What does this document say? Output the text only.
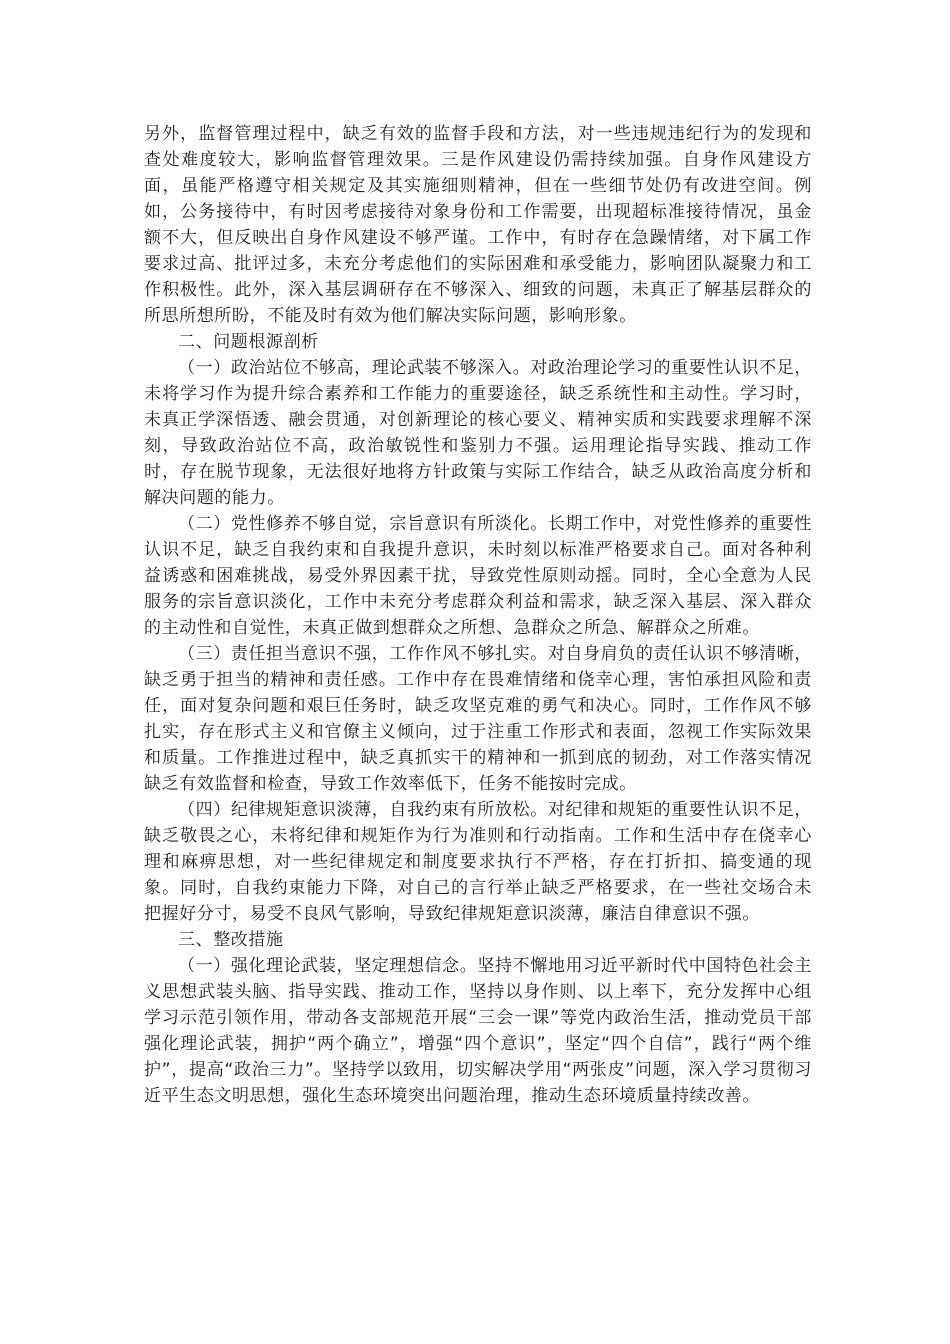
另外，监督管理过程中，缺乏有效的监督手段和方法，对一些违规违纪行为的发现和查处难度较大，影响监督管理效果。三是作风建设仍需持续加强。自身作风建设方面，虽能严格遵守相关规定及其实施细则精神，但在一些细节处仍有改进空间。例如，公务接待中，有时因考虑接待对象身份和工作需要，出现超标准接待情况，虽金额不大，但反映出自身作风建设不够严谨。工作中，有时存在急躁情绪，对下属工作要求过高、批评过多，未充分考虑他们的实际困难和承受能力，影响团队凝聚力和工作积极性。此外，深入基层调研存在不够深入、细致的问题，未真正了解基层群众的所思所想所盼，不能及时有效为他们解决实际问题，影响形象。

二、问题根源剖析

（一）政治站位不够高，理论武装不够深入。对政治理论学习的重要性认识不足，未将学习作为提升综合素养和工作能力的重要途径，缺乏系统性和主动性。学习时，未真正学深悟透、融会贯通，对创新理论的核心要义、精神实质和实践要求理解不深刻，导致政治站位不高，政治敏锐性和鉴别力不强。运用理论指导实践、推动工作时，存在脱节现象，无法很好地将方针政策与实际工作结合，缺乏从政治高度分析和解决问题的能力。

（二）党性修养不够自觉，宗旨意识有所淡化。长期工作中，对党性修养的重要性认识不足，缺乏自我约束和自我提升意识，未时刻以标准严格要求自己。面对各种利益诱惑和困难挑战，易受外界因素干扰，导致党性原则动摇。同时，全心全意为人民服务的宗旨意识淡化，工作中未充分考虑群众利益和需求，缺乏深入基层、深入群众的主动性和自觉性，未真正做到想群众之所想、急群众之所急、解群众之所难。

（三）责任担当意识不强，工作作风不够扎实。对自身肩负的责任认识不够清晰，缺乏勇于担当的精神和责任感。工作中存在畏难情绪和侥幸心理，害怕承担风险和责任，面对复杂问题和艰巨任务时，缺乏攻坚克难的勇气和决心。同时，工作作风不够扎实，存在形式主义和官僚主义倾向，过于注重工作形式和表面，忽视工作实际效果和质量。工作推进过程中，缺乏真抓实干的精神和一抓到底的韧劲，对工作落实情况缺乏有效监督和检查，导致工作效率低下，任务不能按时完成。

（四）纪律规矩意识淡薄，自我约束有所放松。对纪律和规矩的重要性认识不足，缺乏敬畏之心，未将纪律和规矩作为行为准则和行动指南。工作和生活中存在侥幸心理和麻痹思想，对一些纪律规定和制度要求执行不严格，存在打折扣、搞变通的现象。同时，自我约束能力下降，对自己的言行举止缺乏严格要求，在一些社交场合未把握好分寸，易受不良风气影响，导致纪律规矩意识淡薄，廉洁自律意识不强。

三、整改措施

（一）强化理论武装，坚定理想信念。坚持不懈地用习近平新时代中国特色社会主义思想武装头脑、指导实践、推动工作，坚持以身作则、以上率下，充分发挥中心组学习示范引领作用，带动各支部规范开展“三会一课”等党内政治生活，推动党员干部强化理论武装，拥护“两个确立”，增强“四个意识”，坚定“四个自信”，践行“两个维护”，提高“政治三力”。坚持学以致用，切实解决学用“两张皮”问题，深入学习贯彻习近平生态文明思想，强化生态环境突出问题治理，推动生态环境质量持续改善。
